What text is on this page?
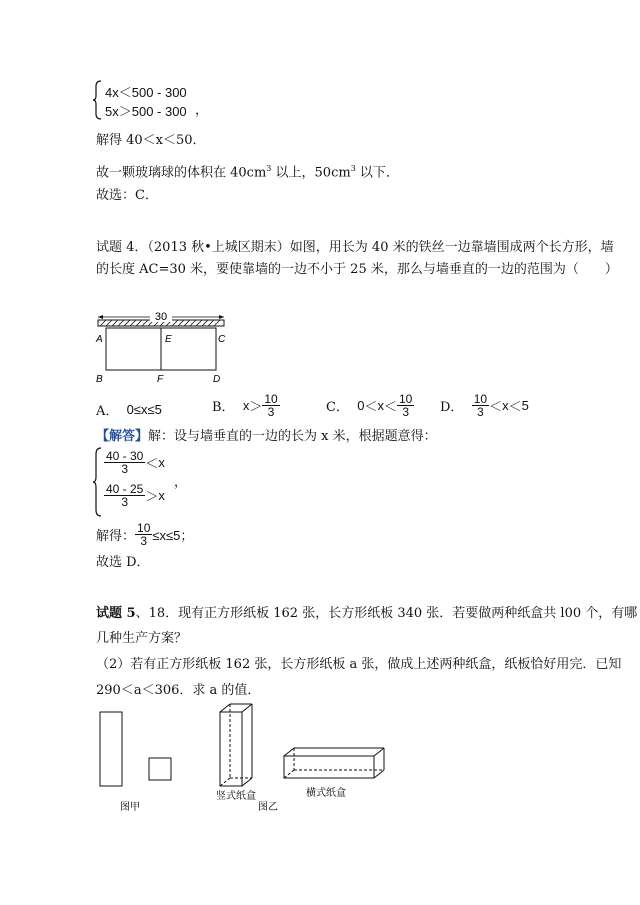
4x＜500 - 300
5x＞500 - 300 ，
解得 40＜x＜50．
故一颗玻璃球的体积在 $40cm^3$ 以上，$50cm^3$ 以下．
故选：C．
试题 4．（2013 秋•上城区期末）如图，用长为 40 米的铁丝一边靠墙围成两个长方形，墙
的长度 AC=30 米，要使靠墙的一边不小于 25 米，那么与墙垂直的一边的范围为（　　）
30
A	E	C
B	F	D
A．
0≤x≤5	B．
$x > \frac{10}{3}$	C．
$0 < x < \frac{10}{3}$ D．
$\frac{10}{3} < x < 5$
【解答】解：设与墙垂直的一边的长为 x 米，根据题意得：
$\frac{40 - 30}{3} < x$
$\frac{40 - 25}{3} > x$
，
解得： $\frac{10}{3} \le x\le 5$；
故选 D．
试题 5、18．现有正方形纸板 162 张，长方形纸板 340 张．若要做两种纸盒共 l00 个，有哪
几种生产方案？
（2）若有正方形纸板 162 张，长方形纸板 a 张，做成上述两种纸盒，纸板恰好用完．已知
290＜a＜306．求 a 的值．
图甲
竖式纸盒
图乙
横式纸盒
